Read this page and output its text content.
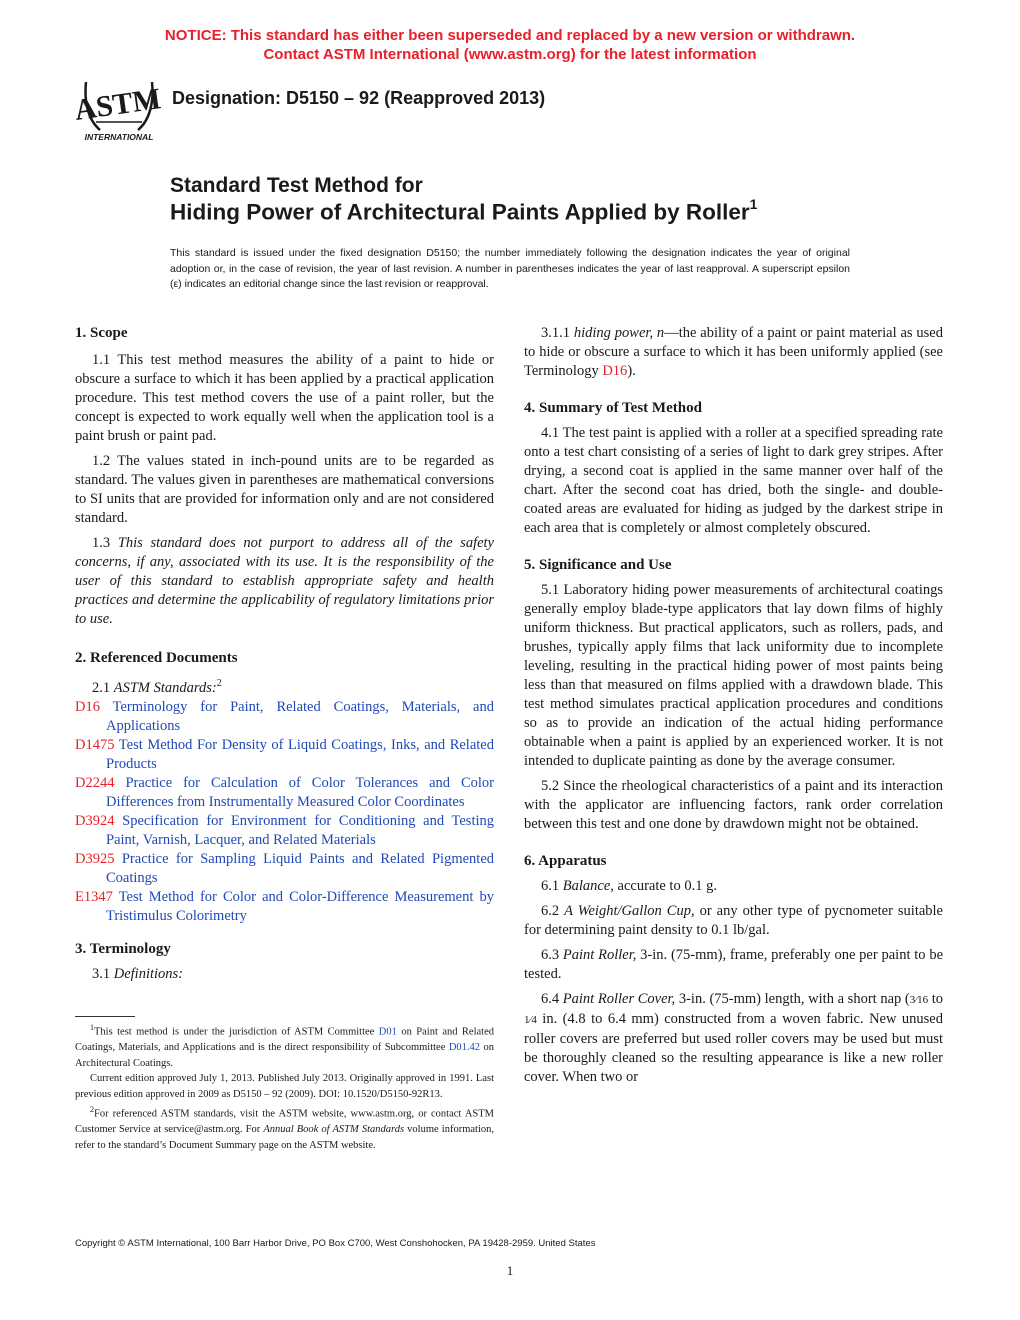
NOTICE: This standard has either been superseded and replaced by a new version or withdrawn.
Contact ASTM International (www.astm.org) for the latest information
ASTM
INTERNATIONAL
Designation: D5150 – 92 (Reapproved 2013)
Standard Test Method for
Hiding Power of Architectural Paints Applied by Roller$^1$
This standard is issued under the fixed designation D5150; the number immediately following the designation indicates the year of original adoption or, in the case of revision, the year of last revision. A number in parentheses indicates the year of last reapproval. A superscript epsilon (ε) indicates an editorial change since the last revision or reapproval.
1. Scope

1.1 This test method measures the ability of a paint to hide or obscure a surface to which it has been applied by a practical application procedure. This test method covers the use of a paint roller, but the concept is expected to work equally well when the application tool is a paint brush or paint pad.

1.2 The values stated in inch-pound units are to be regarded as standard. The values given in parentheses are mathematical conversions to SI units that are provided for information only and are not considered standard.

1.3 This standard does not purport to address all of the safety concerns, if any, associated with its use. It is the responsibility of the user of this standard to establish appropriate safety and health practices and determine the applicability of regulatory limitations prior to use.

2. Referenced Documents

2.1 ASTM Standards:$^2$

D16 Terminology for Paint, Related Coatings, Materials, and Applications

D1475 Test Method For Density of Liquid Coatings, Inks, and Related Products

D2244 Practice for Calculation of Color Tolerances and Color Differences from Instrumentally Measured Color Coordinates

D3924 Specification for Environment for Conditioning and Testing Paint, Varnish, Lacquer, and Related Materials

D3925 Practice for Sampling Liquid Paints and Related Pigmented Coatings

E1347 Test Method for Color and Color-Difference Measurement by Tristimulus Colorimetry

3. Terminology

3.1 Definitions:

$^1$This test method is under the jurisdiction of ASTM Committee D01 on Paint and Related Coatings, Materials, and Applications and is the direct responsibility of Subcommittee D01.42 on Architectural Coatings.

Current edition approved July 1, 2013. Published July 2013. Originally approved in 1991. Last previous edition approved in 2009 as D5150 – 92 (2009). DOI: 10.1520/D5150-92R13.

$^2$For referenced ASTM standards, visit the ASTM website, www.astm.org, or contact ASTM Customer Service at service@astm.org. For Annual Book of ASTM Standards volume information, refer to the standard’s Document Summary page on the ASTM website.

3.1.1 hiding power, n—the ability of a paint or paint material as used to hide or obscure a surface to which it has been uniformly applied (see Terminology D16).

4. Summary of Test Method

4.1 The test paint is applied with a roller at a specified spreading rate onto a test chart consisting of a series of light to dark grey stripes. After drying, a second coat is applied in the same manner over half of the chart. After the second coat has dried, both the single- and double-coated areas are evaluated for hiding as judged by the darkest stripe in each area that is completely or almost completely obscured.

5. Significance and Use

5.1 Laboratory hiding power measurements of architectural coatings generally employ blade-type applicators that lay down films of highly uniform thickness. But practical applicators, such as rollers, pads, and brushes, typically apply films that lack uniformity due to incomplete leveling, resulting in the practical hiding power of most paints being less than that measured on films applied with a drawdown blade. This test method simulates practical application procedures and conditions so as to provide an indication of the actual hiding performance obtainable when a paint is applied by an experienced worker. It is not intended to duplicate painting as done by the average consumer.

5.2 Since the rheological characteristics of a paint and its interaction with the applicator are influencing factors, rank order correlation between this test and one done by drawdown might not be obtained.

6. Apparatus

6.1 Balance, accurate to 0.1 g.

6.2 A Weight/Gallon Cup, or any other type of pycnometer suitable for determining paint density to 0.1 lb/gal.

6.3 Paint Roller, 3-in. (75-mm), frame, preferably one per paint to be tested.

6.4 Paint Roller Cover, 3-in. (75-mm) length, with a short nap (3⁄16 to 1⁄4 in. (4.8 to 6.4 mm) constructed from a woven fabric. New unused roller covers are preferred but used roller covers may be used but must be thoroughly cleaned so the resulting appearance is like a new roller cover. When two or

Copyright © ASTM International, 100 Barr Harbor Drive, PO Box C700, West Conshohocken, PA 19428-2959. United States
1
